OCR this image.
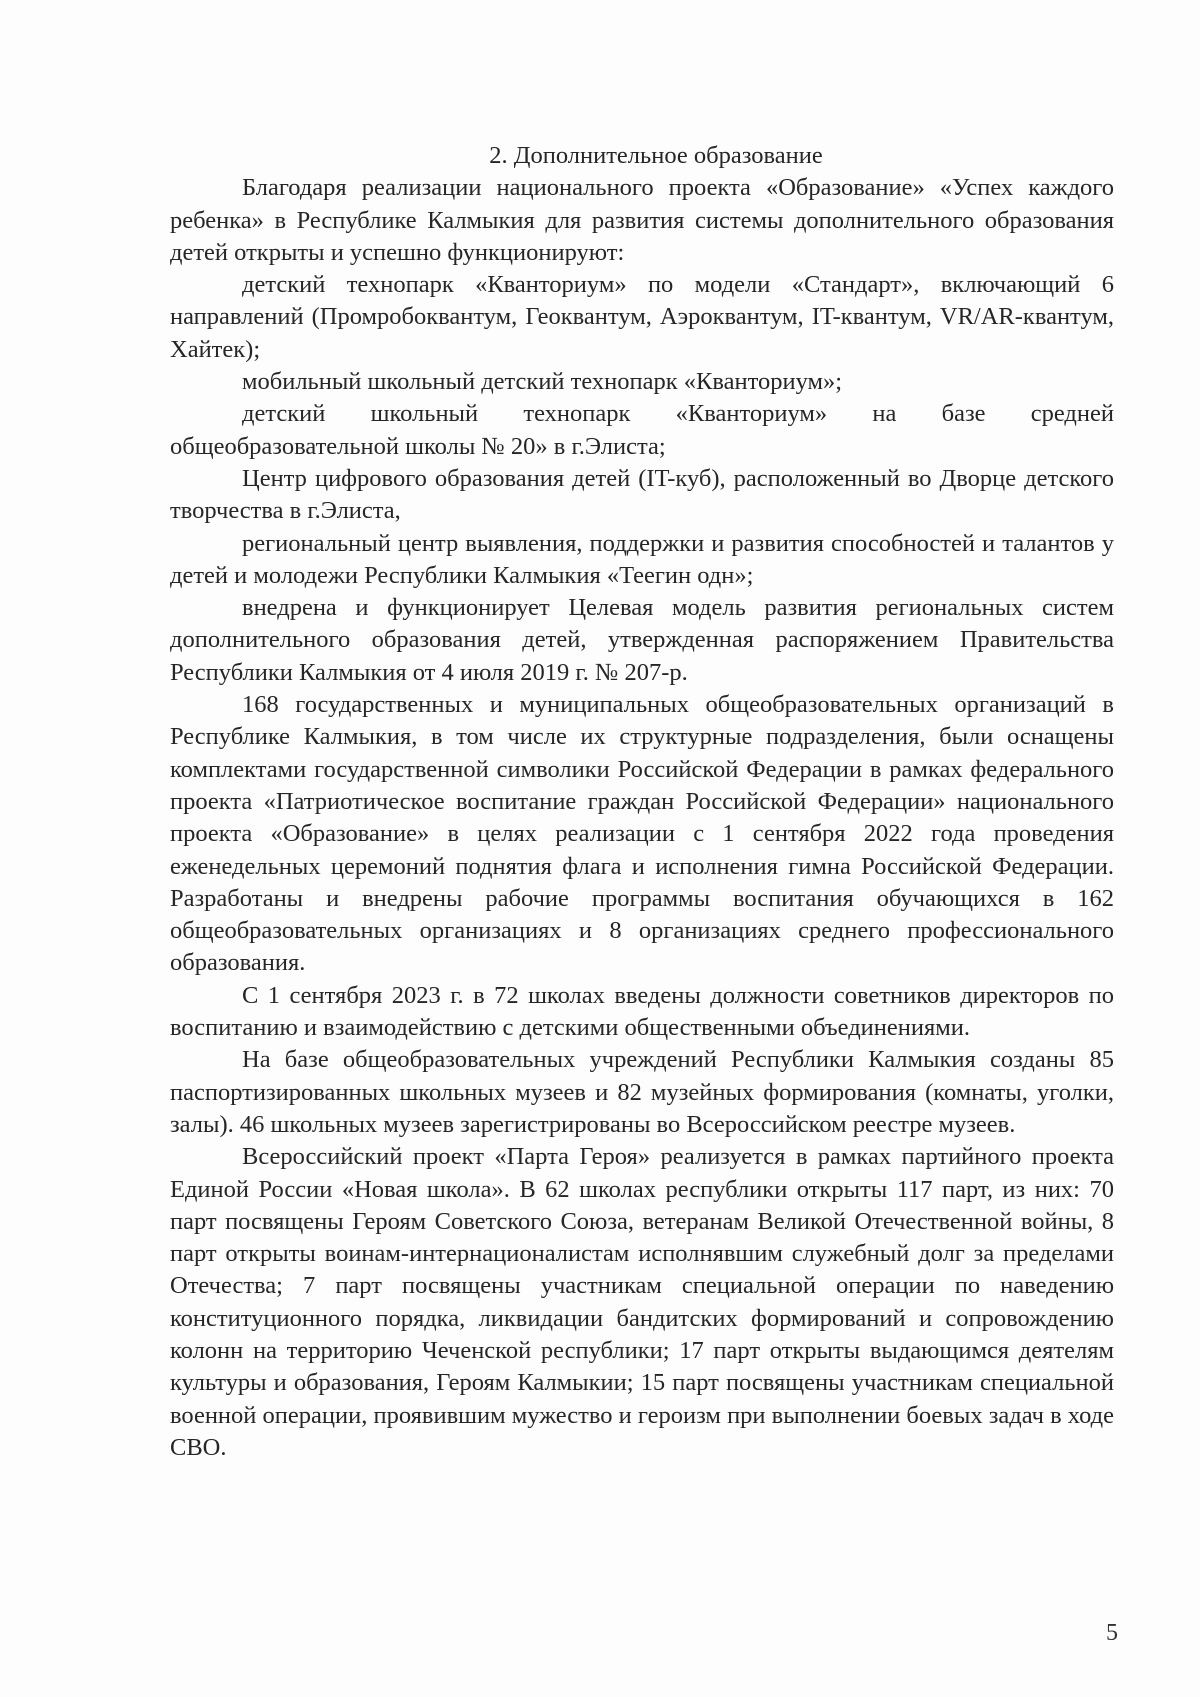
2. Дополнительное образование

Благодаря реализации национального проекта «Образование» «Успех каждого ребенка» в Республике Калмыкия для развития системы дополнительного образования детей открыты и успешно функционируют:

детский технопарк «Кванториум» по модели «Стандарт», включающий 6 направлений (Промробоквантум, Геоквантум, Аэроквантум, IT-квантум, VR/AR-квантум, Хайтек);

мобильный школьный детский технопарк «Кванториум»;

детский школьный технопарк «Кванториум» на базе средней общеобразовательной школы № 20» в г.Элиста;

Центр цифрового образования детей (IT-куб), расположенный во Дворце детского творчества в г.Элиста,

региональный центр выявления, поддержки и развития способностей и талантов у детей и молодежи Республики Калмыкия «Теегин одн»;

внедрена и функционирует Целевая модель развития региональных систем дополнительного образования детей, утвержденная распоряжением Правительства Республики Калмыкия от 4 июля 2019 г. № 207-р.

168 государственных и муниципальных общеобразовательных организаций в Республике Калмыкия, в том числе их структурные подразделения, были оснащены комплектами государственной символики Российской Федерации в рамках федерального проекта «Патриотическое воспитание граждан Российской Федерации» национального проекта «Образование» в целях реализации с 1 сентября 2022 года проведения еженедельных церемоний поднятия флага и исполнения гимна Российской Федерации. Разработаны и внедрены рабочие программы воспитания обучающихся в 162 общеобразовательных организациях и 8 организациях среднего профессионального образования.

С 1 сентября 2023 г. в 72 школах введены должности советников директоров по воспитанию и взаимодействию с детскими общественными объединениями.

На базе общеобразовательных учреждений Республики Калмыкия созданы 85 паспортизированных школьных музеев и 82 музейных формирования (комнаты, уголки, залы). 46 школьных музеев зарегистрированы во Всероссийском реестре музеев.

Всероссийский проект «Парта Героя» реализуется в рамках партийного проекта Единой России «Новая школа». В 62 школах республики открыты 117 парт, из них: 70 парт посвящены Героям Советского Союза, ветеранам Великой Отечественной войны, 8 парт открыты воинам-интернационалистам исполнявшим служебный долг за пределами Отечества; 7 парт посвящены участникам специальной операции по наведению конституционного порядка, ликвидации бандитских формирований и сопровождению колонн на территорию Чеченской республики; 17 парт открыты выдающимся деятелям культуры и образования, Героям Калмыкии; 15 парт посвящены участникам специальной военной операции, проявившим мужество и героизм при выполнении боевых задач в ходе СВО.

5
